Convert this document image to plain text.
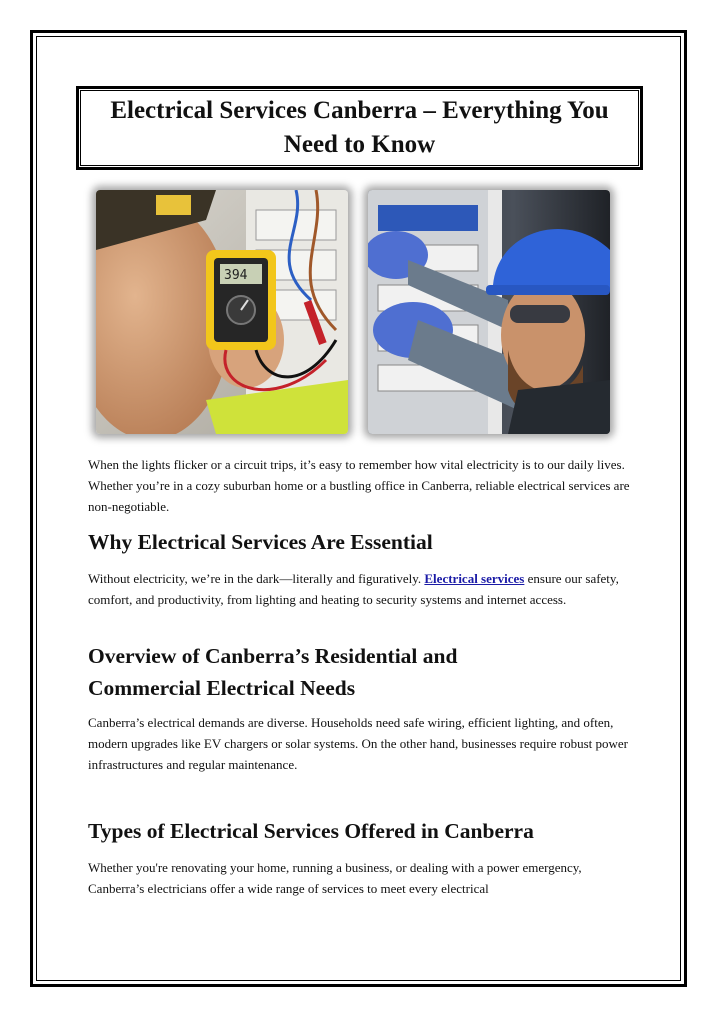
Electrical Services Canberra – Everything You Need to Know
394

When the lights flicker or a circuit trips, it’s easy to remember how vital electricity is to our daily lives. Whether you’re in a cozy suburban home or a bustling office in Canberra, reliable electrical services are non-negotiable.

Why Electrical Services Are Essential

Without electricity, we’re in the dark—literally and figuratively. Electrical services ensure our safety, comfort, and productivity, from lighting and heating to security systems and internet access.

Overview of Canberra’s Residential and Commercial Electrical Needs

Canberra’s electrical demands are diverse. Households need safe wiring, efficient lighting, and often, modern upgrades like EV chargers or solar systems. On the other hand, businesses require robust power infrastructures and regular maintenance.

Types of Electrical Services Offered in Canberra

Whether you're renovating your home, running a business, or dealing with a power emergency, Canberra’s electricians offer a wide range of services to meet every electrical
